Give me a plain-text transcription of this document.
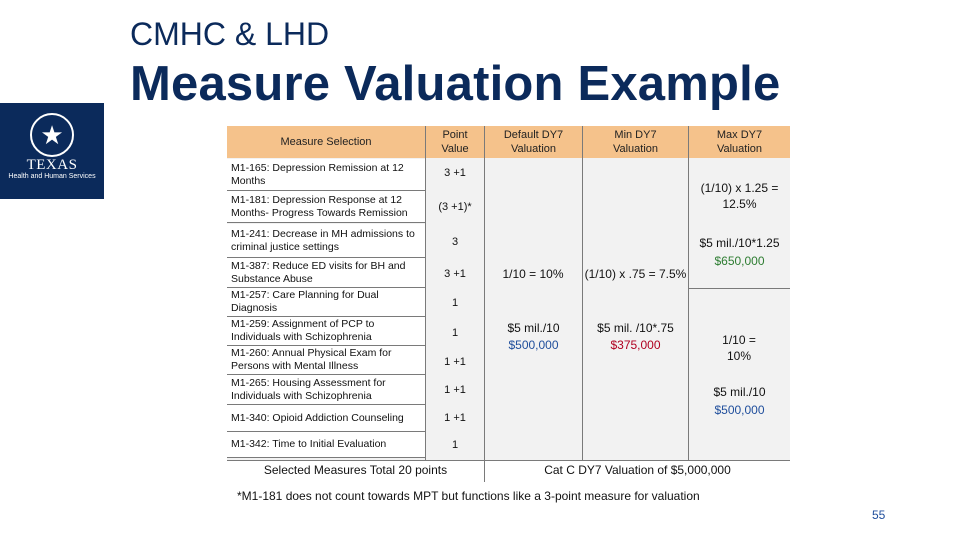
CMHC & LHD
Measure Valuation Example
★
TEXAS
Health and Human Services
Measure Selection
Point Value
Default DY7 Valuation
Min DY7 Valuation
Max DY7 Valuation
M1-165: Depression Remission at 12 Months
M1-181: Depression Response at 12 Months- Progress Towards Remission
M1-241: Decrease in MH admissions to criminal justice settings
M1-387: Reduce ED visits for BH and Substance Abuse
M1-257: Care Planning for Dual Diagnosis
M1-259: Assignment of PCP to Individuals with Schizophrenia
M1-260: Annual Physical Exam for Persons with Mental Illness
M1-265: Housing Assessment for Individuals with Schizophrenia
M1-340: Opioid Addiction Counseling
M1-342: Time to Initial Evaluation
3 +1
(3 +1)*
3
3 +1
1
1
1 +1
1 +1
1 +1
1
1/10 = 10%
$5 mil./10
$500,000
(1/10) x .75 = 7.5%
$5 mil. /10*.75
$375,000
(1/10) x 1.25 = 12.5%
$5 mil./10*1.25
$650,000
1/10 = 10%
$5 mil./10
$500,000
Selected Measures Total 20 points	Cat C DY7 Valuation of $5,000,000
*M1-181 does not count towards MPT but functions like a 3-point measure for valuation
55
